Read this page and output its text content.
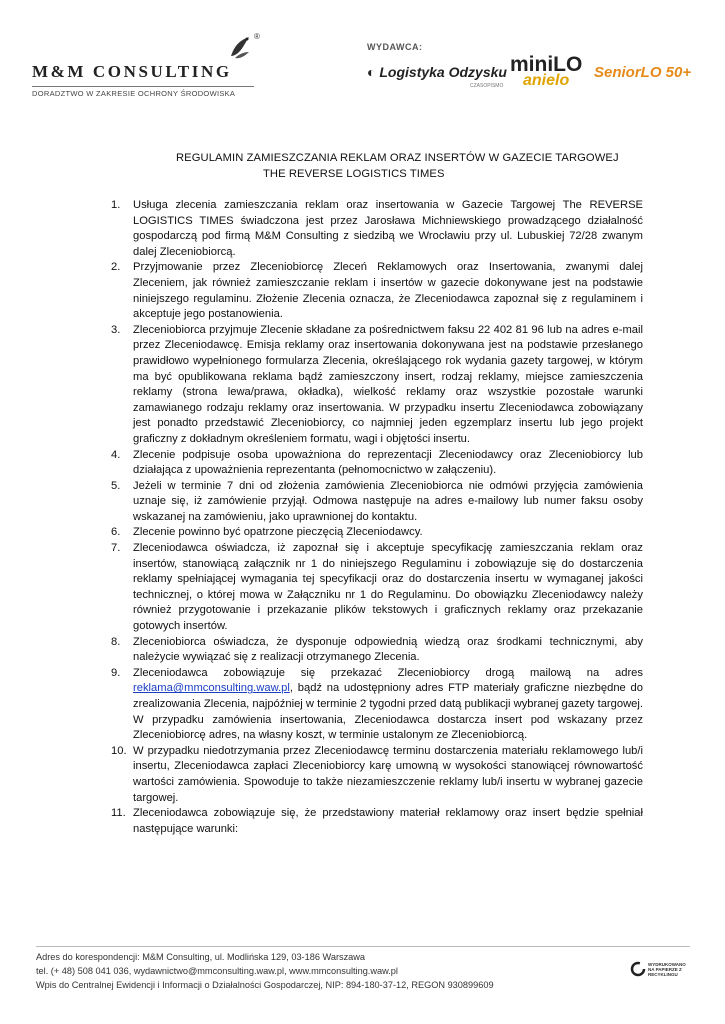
®
M&M CONSULTING
DORADZTWO W ZAKRESIE OCHRONY ŚRODOWISKA
WYDAWCA:
◐ Logistyka Odzysku
CZASOPISMO
miniLO
anielo SeniorLO 50+
REGULAMIN ZAMIESZCZANIA REKLAM ORAZ INSERTÓW W GAZECIE TARGOWEJ
THE REVERSE LOGISTICS TIMES
1. Usługa zlecenia zamieszczania reklam oraz insertowania w Gazecie Targowej The REVERSE LOGISTICS TIMES świadczona jest przez Jarosława Michniewskiego prowadzącego działalność gospodarczą pod firmą M&M Consulting z siedzibą we Wrocławiu przy ul. Lubuskiej 72/28 zwanym dalej Zleceniobiorcą.
2. Przyjmowanie przez Zleceniobiorcę Zleceń Reklamowych oraz Insertowania, zwanymi dalej Zleceniem, jak również zamieszczanie reklam i insertów w gazecie dokonywane jest na podstawie niniejszego regulaminu. Złożenie Zlecenia oznacza, że Zleceniodawca zapoznał się z regulaminem i akceptuje jego postanowienia.
3. Zleceniobiorca przyjmuje Zlecenie składane za pośrednictwem faksu 22 402 81 96 lub na adres e-mail przez Zleceniodawcę. Emisja reklamy oraz insertowania dokonywana jest na podstawie przesłanego prawidłowo wypełnionego formularza Zlecenia, określającego rok wydania gazety targowej, w którym ma być opublikowana reklama bądź zamieszczony insert, rodzaj reklamy, miejsce zamieszczenia reklamy (strona lewa/prawa, okładka), wielkość reklamy oraz wszystkie pozostałe warunki zamawianego rodzaju reklamy oraz insertowania. W przypadku insertu Zleceniodawca zobowiązany jest ponadto przedstawić Zleceniobiorcy, co najmniej jeden egzemplarz insertu lub jego projekt graficzny z dokładnym określeniem formatu, wagi i objętości insertu.
4. Zlecenie podpisuje osoba upoważniona do reprezentacji Zleceniodawcy oraz Zleceniobiorcy lub działająca z upoważnienia reprezentanta (pełnomocnictwo w załączeniu).
5. Jeżeli w terminie 7 dni od złożenia zamówienia Zleceniobiorca nie odmówi przyjęcia zamówienia uznaje się, iż zamówienie przyjął. Odmowa następuje na adres e-mailowy lub numer faksu osoby wskazanej na zamówieniu, jako uprawnionej do kontaktu.
6. Zlecenie powinno być opatrzone pieczęcią Zleceniodawcy.
7. Zleceniodawca oświadcza, iż zapoznał się i akceptuje specyfikację zamieszczania reklam oraz insertów, stanowiącą załącznik nr 1 do niniejszego Regulaminu i zobowiązuje się do dostarczenia reklamy spełniającej wymagania tej specyfikacji oraz do dostarczenia insertu w wymaganej jakości technicznej, o której mowa w Załączniku nr 1 do Regulaminu. Do obowiązku Zleceniodawcy należy również przygotowanie i przekazanie plików tekstowych i graficznych reklamy oraz przekazanie gotowych insertów.
8. Zleceniobiorca oświadcza, że dysponuje odpowiednią wiedzą oraz środkami technicznymi, aby należycie wywiązać się z realizacji otrzymanego Zlecenia.
9. Zleceniodawca zobowiązuje się przekazać Zleceniobiorcy drogą mailową na adres reklama@mmconsulting.waw.pl, bądź na udostępniony adres FTP materiały graficzne niezbędne do zrealizowania Zlecenia, najpóźniej w terminie 2 tygodni przed datą publikacji wybranej gazety targowej. W przypadku zamówienia insertowania, Zleceniodawca dostarcza insert pod wskazany przez Zleceniobiorcę adres, na własny koszt, w terminie ustalonym ze Zleceniobiorcą.
10. W przypadku niedotrzymania przez Zleceniodawcę terminu dostarczenia materiału reklamowego lub/i insertu, Zleceniodawca zapłaci Zleceniobiorcy karę umowną w wysokości stanowiącej równowartość wartości zamówienia. Spowoduje to także niezamieszczenie reklamy lub/i insertu w wybranej gazecie targowej.
11. Zleceniodawca zobowiązuje się, że przedstawiony materiał reklamowy oraz insert będzie spełniał następujące warunki:
Adres do korespondencji: M&M Consulting, ul. Modlińska 129, 03-186 Warszawa
tel. (+ 48) 508 041 036, wydawnictwo@mmconsulting.waw.pl, www.mmconsulting.waw.pl
Wpis do Centralnej Ewidencji i Informacji o Działalności Gospodarczej, NIP: 894-180-37-12, REGON 930899609
WYDRUKOWANO NA PAPIERZE Z RECYKLINGU
